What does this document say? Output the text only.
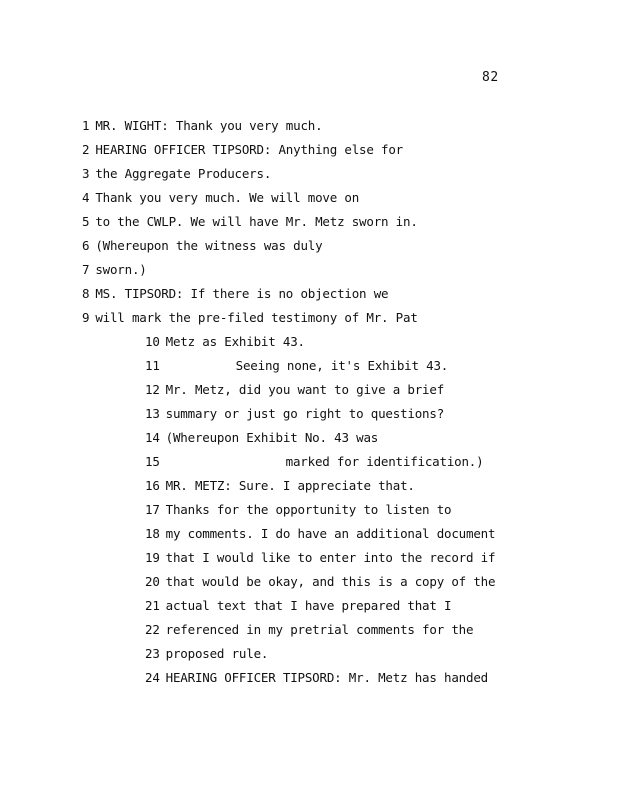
82
1 MR. WIGHT: Thank you very much.
2 HEARING OFFICER TIPSORD: Anything else for
3 the Aggregate Producers.
4 Thank you very much. We will move on
5 to the CWLP. We will have Mr. Metz sworn in.
6 (Whereupon the witness was duly
7 sworn.)
8 MS. TIPSORD: If there is no objection we
9 will mark the pre-filed testimony of Mr. Pat
10 Metz as Exhibit 43.
11	Seeing none, it's Exhibit 43.
12 Mr. Metz, did you want to give a brief
13 summary or just go right to questions?
14 (Whereupon Exhibit No. 43 was
15	marked for identification.)
16 MR. METZ: Sure. I appreciate that.
17 Thanks for the opportunity to listen to
18 my comments. I do have an additional document
19 that I would like to enter into the record if
20 that would be okay, and this is a copy of the
21 actual text that I have prepared that I
22 referenced in my pretrial comments for the
23 proposed rule.
24 HEARING OFFICER TIPSORD: Mr. Metz has handed
